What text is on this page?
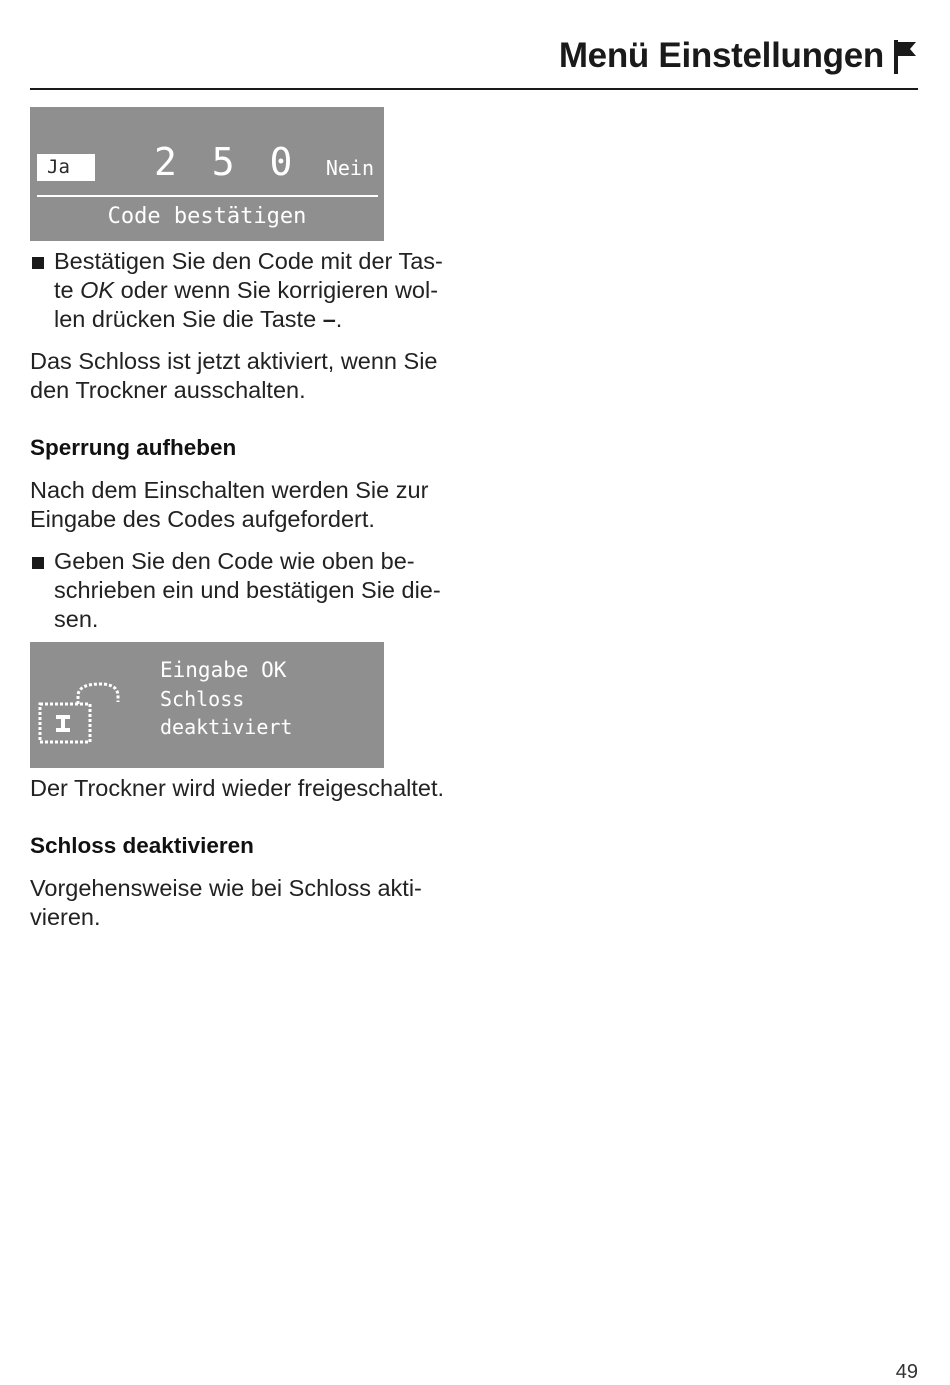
Menü Einstellungen
Ja	2 5 0 Nein
Code bestätigen
Bestätigen Sie den Code mit der Tas-
te OK oder wenn Sie korrigieren wol-
len drücken Sie die Taste –.
Das Schloss ist jetzt aktiviert, wenn Sie
den Trockner ausschalten.
Sperrung aufheben
Nach dem Einschalten werden Sie zur
Eingabe des Codes aufgefordert.
Geben Sie den Code wie oben be-
schrieben ein und bestätigen Sie die-
sen.
Eingabe OK
Schloss deaktiviert
Der Trockner wird wieder freigeschaltet.
Schloss deaktivieren
Vorgehensweise wie bei Schloss akti-
vieren.
49
